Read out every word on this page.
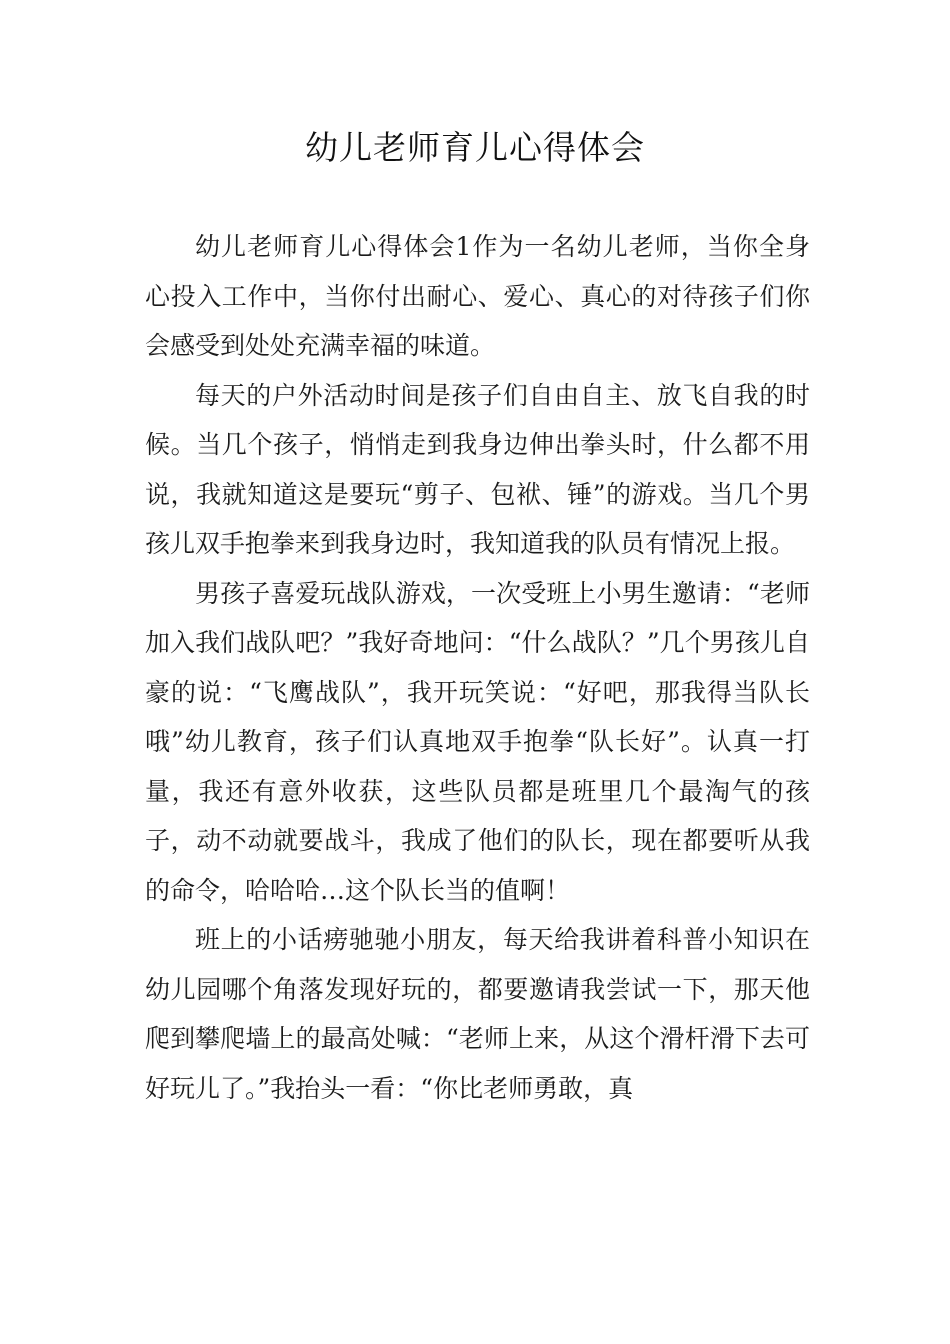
幼儿老师育儿心得体会

幼儿老师育儿心得体会1作为一名幼儿老师，当你全身心投入工作中，当你付出耐心、爱心、真心的对待孩子们你会感受到处处充满幸福的味道。

每天的户外活动时间是孩子们自由自主、放飞自我的时候。当几个孩子，悄悄走到我身边伸出拳头时，什么都不用说，我就知道这是要玩“剪子、包袱、锤”的游戏。当几个男孩儿双手抱拳来到我身边时，我知道我的队员有情况上报。

男孩子喜爱玩战队游戏，一次受班上小男生邀请：“老师加入我们战队吧？”我好奇地问：“什么战队？”几个男孩儿自豪的说：“飞鹰战队”，我开玩笑说：“好吧，那我得当队长哦”幼儿教育，孩子们认真地双手抱拳“队长好”。认真一打量，我还有意外收获，这些队员都是班里几个最淘气的孩子，动不动就要战斗，我成了他们的队长，现在都要听从我的命令，哈哈哈…这个队长当的值啊！

班上的小话痨驰驰小朋友，每天给我讲着科普小知识在幼儿园哪个角落发现好玩的，都要邀请我尝试一下，那天他爬到攀爬墙上的最高处喊：“老师上来，从这个滑杆滑下去可好玩儿了。”我抬头一看：“你比老师勇敢，真
